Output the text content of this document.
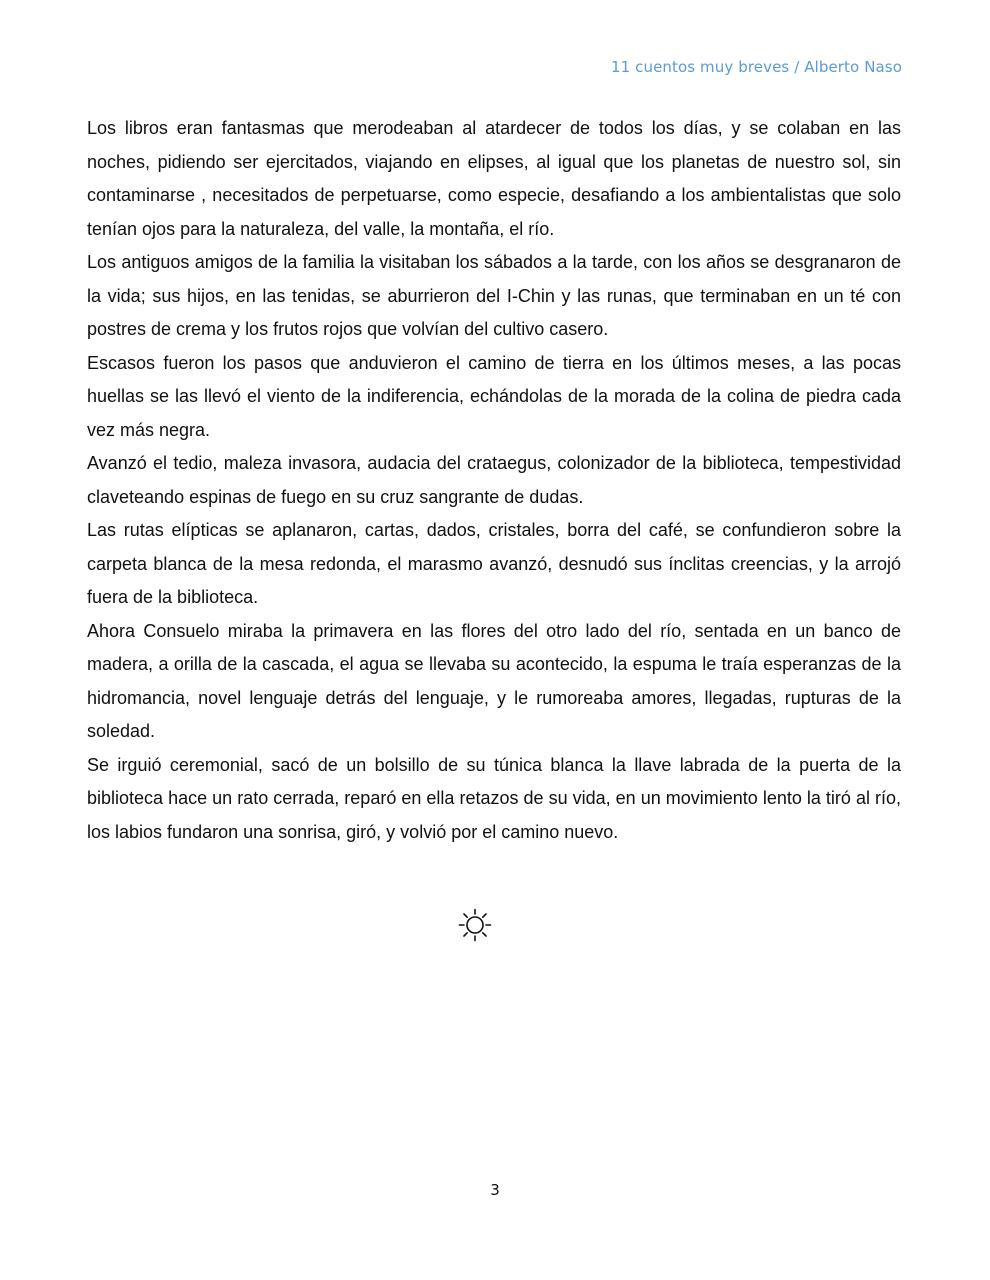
11 cuentos muy breves / Alberto Naso

Los libros eran fantasmas que merodeaban al atardecer de todos los días, y se colaban en las noches, pidiendo ser ejercitados, viajando en elipses, al igual que los planetas de nuestro sol, sin contaminarse , necesitados de perpetuarse, como especie, desafiando a los ambientalistas que solo tenían ojos para la naturaleza, del valle, la montaña, el río.

Los antiguos amigos de la familia la visitaban los sábados a la tarde, con los años se desgranaron de la vida; sus hijos, en las tenidas, se aburrieron del I-Chin y las runas, que terminaban en un té con postres de crema y los frutos rojos que volvían del cultivo casero.

Escasos fueron los pasos que anduvieron el camino de tierra en los últimos meses, a las pocas huellas se las llevó el viento de la indiferencia, echándolas de la morada de la colina de piedra cada vez más negra.

Avanzó el tedio, maleza invasora, audacia del crataegus, colonizador de la biblioteca, tempestividad claveteando espinas de fuego en su cruz sangrante de dudas.

Las rutas elípticas se aplanaron, cartas, dados, cristales, borra del café, se confundieron sobre la carpeta blanca de la mesa redonda, el marasmo avanzó, desnudó sus ínclitas creencias, y la arrojó fuera de la biblioteca.

Ahora Consuelo miraba la primavera en las flores del otro lado del río, sentada en un banco de madera, a orilla de la cascada, el agua se llevaba su acontecido, la espuma le traía esperanzas de la hidromancia, novel lenguaje detrás del lenguaje, y le rumoreaba amores, llegadas, rupturas de la soledad.

Se irguió ceremonial, sacó de un bolsillo de su túnica blanca la llave labrada de la puerta de la biblioteca hace un rato cerrada, reparó en ella retazos de su vida, en un movimiento lento la tiró al río, los labios fundaron una sonrisa, giró, y volvió por el camino nuevo.

3
